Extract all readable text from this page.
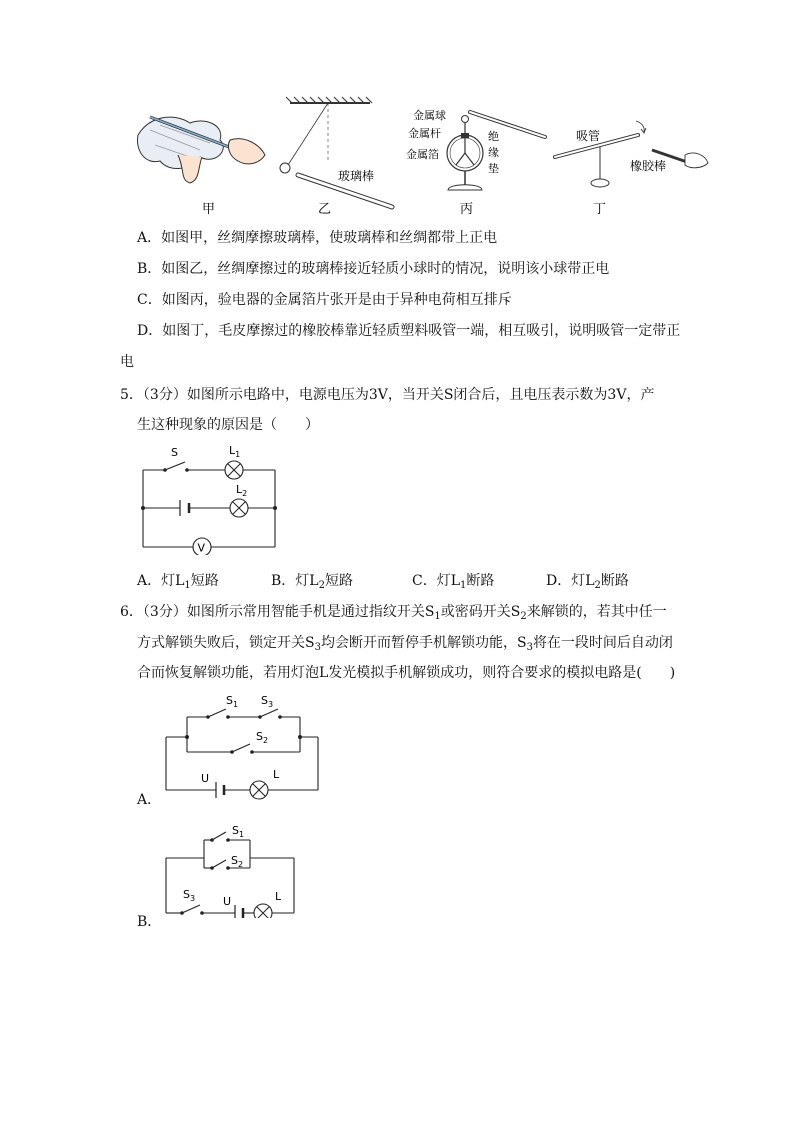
甲
玻璃棒
乙
金属球
金属杆
金属箔
绝
缘
垫
丙
吸管
橡胶棒
丁
A．如图甲，丝绸摩擦玻璃棒，使玻璃棒和丝绸都带上正电
B．如图乙，丝绸摩擦过的玻璃棒接近轻质小球时的情况，说明该小球带正电
C．如图丙，验电器的金属箔片张开是由于异种电荷相互排斥
D．如图丁，毛皮摩擦过的橡胶棒靠近轻质塑料吸管一端，相互吸引，说明吸管一定带正
电
5．（3分）如图所示电路中，电源电压为3V，当开关S闭合后，且电压表示数为3V，产
生这种现象的原因是（　　）
V
S	$L_1$
$L_2$
A．灯$L_1$短路	B．灯$L_2$短路	C．灯$L_1$断路	D．灯$L_2$断路
6．（3分）如图所示常用智能手机是通过指纹开关$S_1$或密码开关$S_2$来解锁的，若其中任一
方式解锁失败后，锁定开关$S_3$均会断开而暂停手机解锁功能，$S_3$将在一段时间后自动闭
合而恢复解锁功能，若用灯泡L发光模拟手机解锁成功，则符合要求的模拟电路是(　　)
$S_1$ $S_3$
$S_2$
U	L
A．
$S_1$
$S_2$
$S_3$	U	L
B．
